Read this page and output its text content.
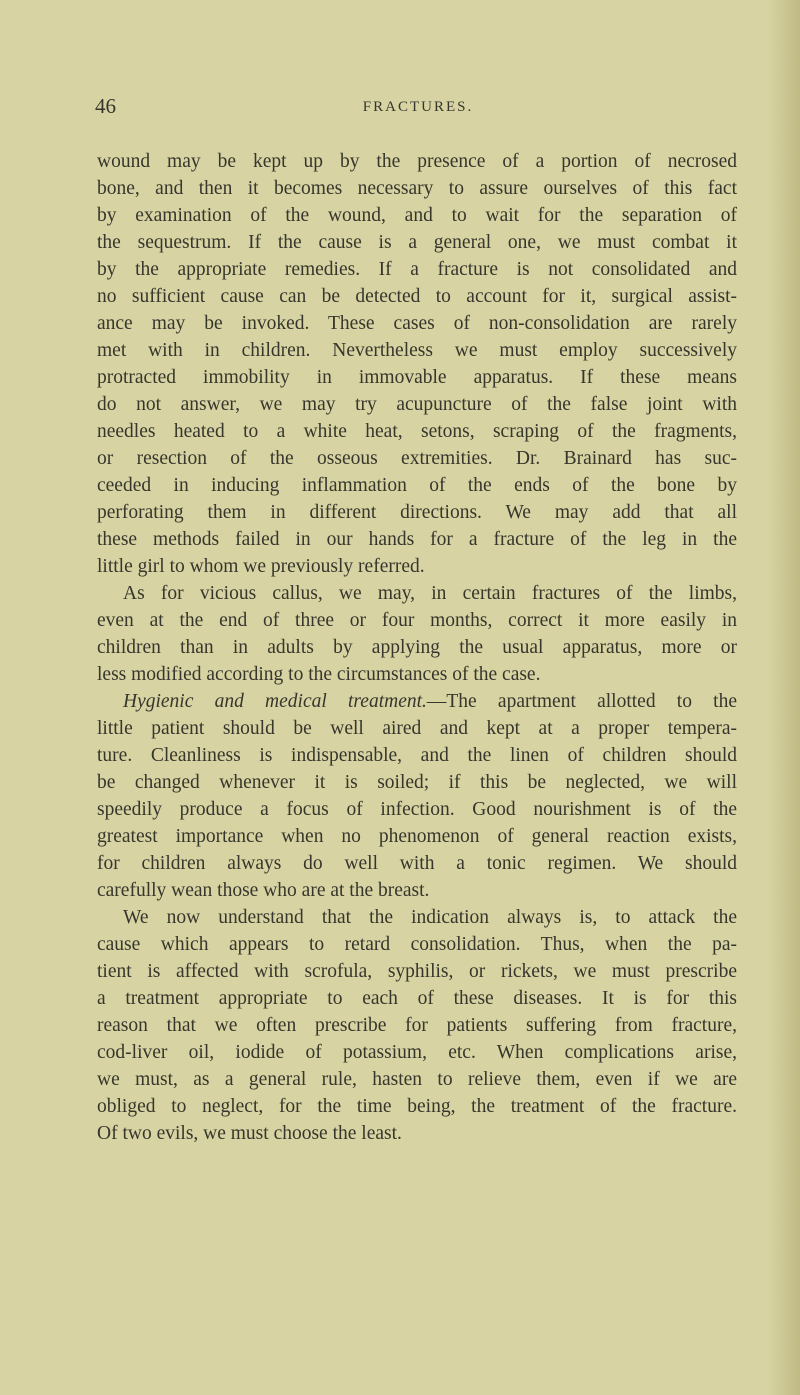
46	FRACTURES.
wound may be kept up by the presence of a portion of necrosed
bone, and then it becomes necessary to assure ourselves of this fact
by examination of the wound, and to wait for the separation of
the sequestrum. If the cause is a general one, we must combat it
by the appropriate remedies. If a fracture is not consolidated and
no sufficient cause can be detected to account for it, surgical assist-
ance may be invoked. These cases of non-consolidation are rarely
met with in children. Nevertheless we must employ successively
protracted immobility in immovable apparatus. If these means
do not answer, we may try acupuncture of the false joint with
needles heated to a white heat, setons, scraping of the fragments,
or resection of the osseous extremities. Dr. Brainard has suc-
ceeded in inducing inflammation of the ends of the bone by
perforating them in different directions. We may add that all
these methods failed in our hands for a fracture of the leg in the
little girl to whom we previously referred.
As for vicious callus, we may, in certain fractures of the limbs,
even at the end of three or four months, correct it more easily in
children than in adults by applying the usual apparatus, more or
less modified according to the circumstances of the case.
Hygienic and medical treatment.—The apartment allotted to the
little patient should be well aired and kept at a proper tempera-
ture. Cleanliness is indispensable, and the linen of children should
be changed whenever it is soiled; if this be neglected, we will
speedily produce a focus of infection. Good nourishment is of the
greatest importance when no phenomenon of general reaction exists,
for children always do well with a tonic regimen. We should
carefully wean those who are at the breast.
We now understand that the indication always is, to attack the
cause which appears to retard consolidation. Thus, when the pa-
tient is affected with scrofula, syphilis, or rickets, we must prescribe
a treatment appropriate to each of these diseases. It is for this
reason that we often prescribe for patients suffering from fracture,
cod-liver oil, iodide of potassium, etc. When complications arise,
we must, as a general rule, hasten to relieve them, even if we are
obliged to neglect, for the time being, the treatment of the fracture.
Of two evils, we must choose the least.
